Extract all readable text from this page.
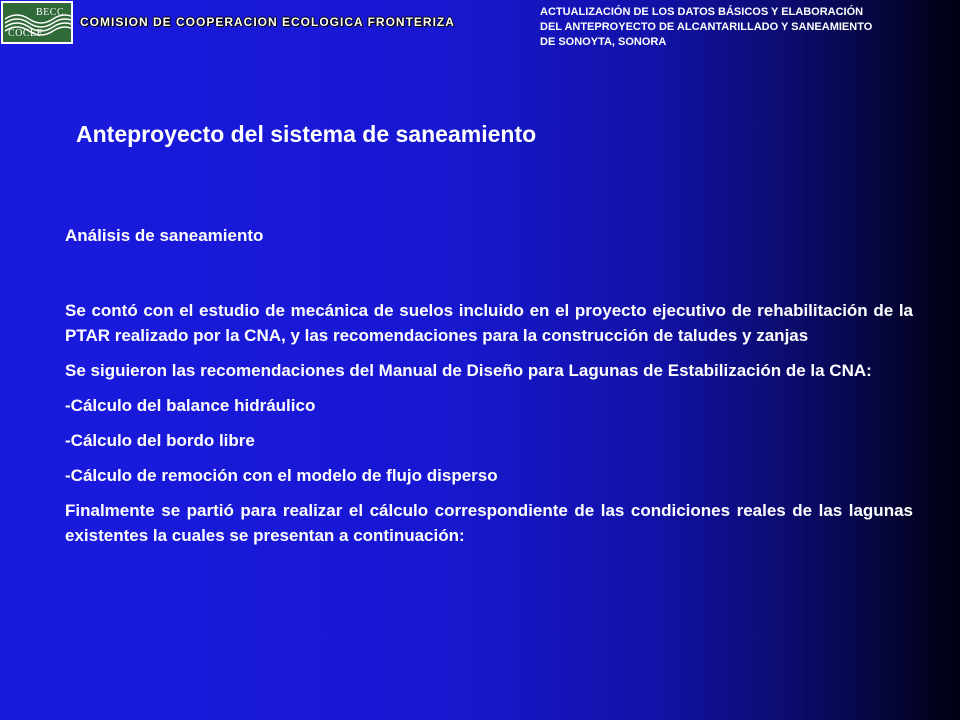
BECC
COCEF
COMISION DE COOPERACION ECOLOGICA FRONTERIZA
ACTUALIZACIÓN DE LOS DATOS BÁSICOS Y ELABORACIÓN
DEL ANTEPROYECTO DE ALCANTARILLADO Y SANEAMIENTO
DE SONOYTA, SONORA
Anteproyecto del sistema de saneamiento

Análisis de saneamiento

Se contó con el estudio de mecánica de suelos incluido en el proyecto ejecutivo de rehabilitación de la PTAR realizado por la CNA, y las recomendaciones para la construcción de taludes y zanjas

Se siguieron las recomendaciones del Manual de Diseño para Lagunas de Estabilización de la CNA:

-Cálculo del balance hidráulico

-Cálculo del bordo libre

-Cálculo de remoción con el modelo de flujo disperso

Finalmente se partió para realizar el cálculo correspondiente de las condiciones reales de las lagunas existentes la cuales se presentan a continuación:
